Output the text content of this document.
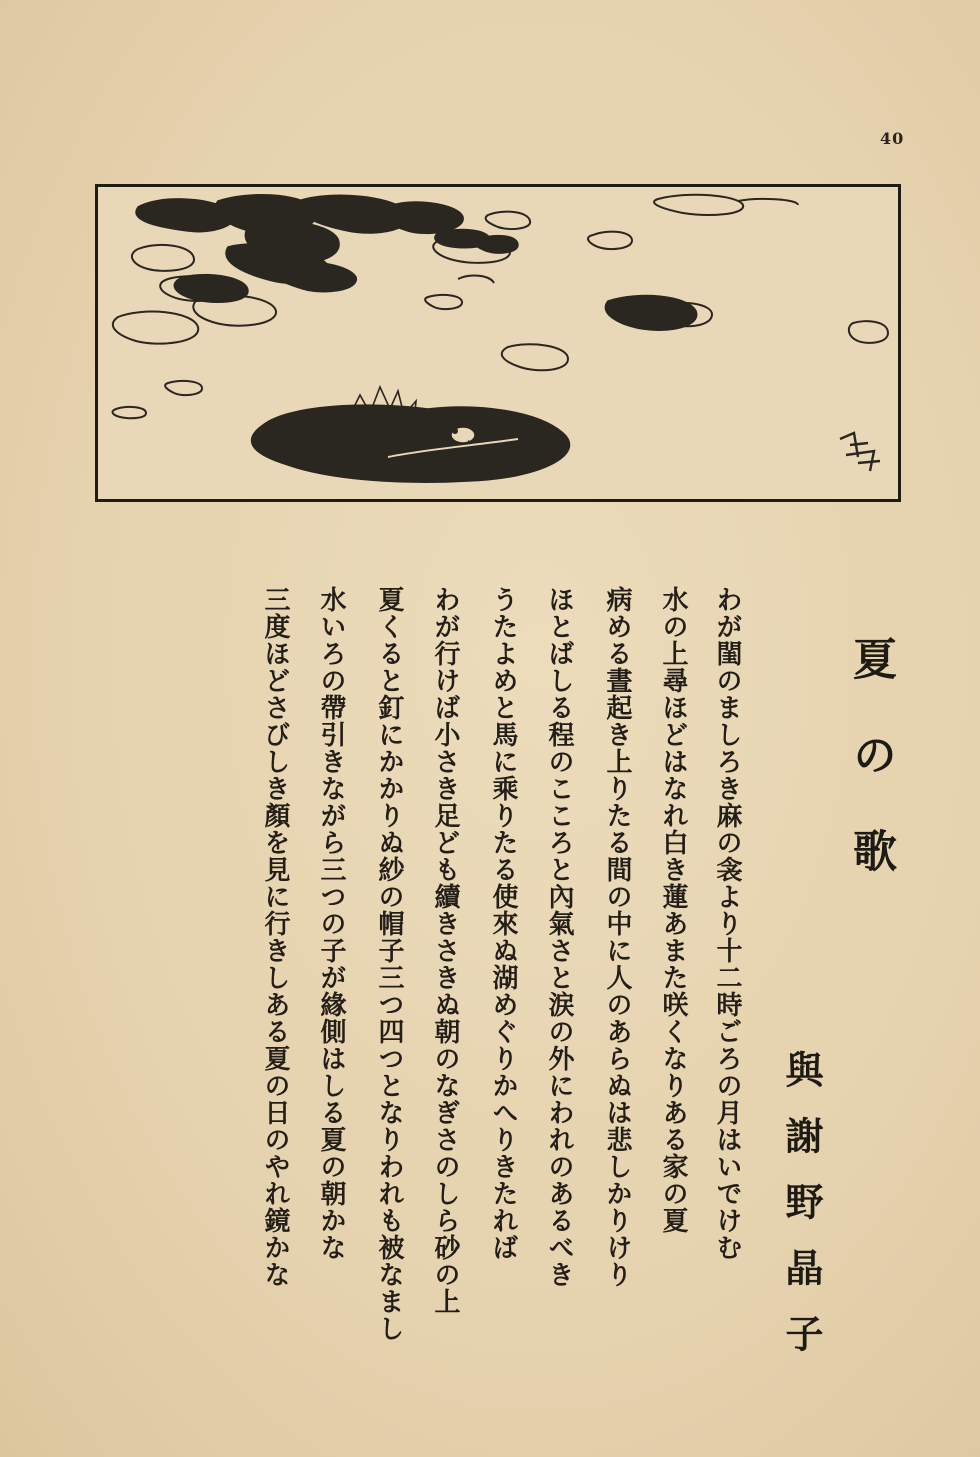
40
夏の歌
與謝野晶子
わが閨のましろき麻の衾より十二時ごろの月はいでけむ
水の上尋ほどはなれ白き蓮あまた咲くなりある家の夏
病める晝起き上りたる間の中に人のあらぬは悲しかりけり
ほとばしる程のこころと內氣さと涙の外にわれのあるべき
うたよめと馬に乘りたる使來ぬ湖めぐりかへりきたれば
わが行けば小さき足ども續きさきぬ朝のなぎさのしら砂の上
夏くると釘にかかりぬ紗の帽子三つ四つとなりわれも被なまし
水いろの帶引きながら三つの子が緣側はしる夏の朝かな
三度ほどさびしき顏を見に行きしある夏の日のやれ鏡かな
